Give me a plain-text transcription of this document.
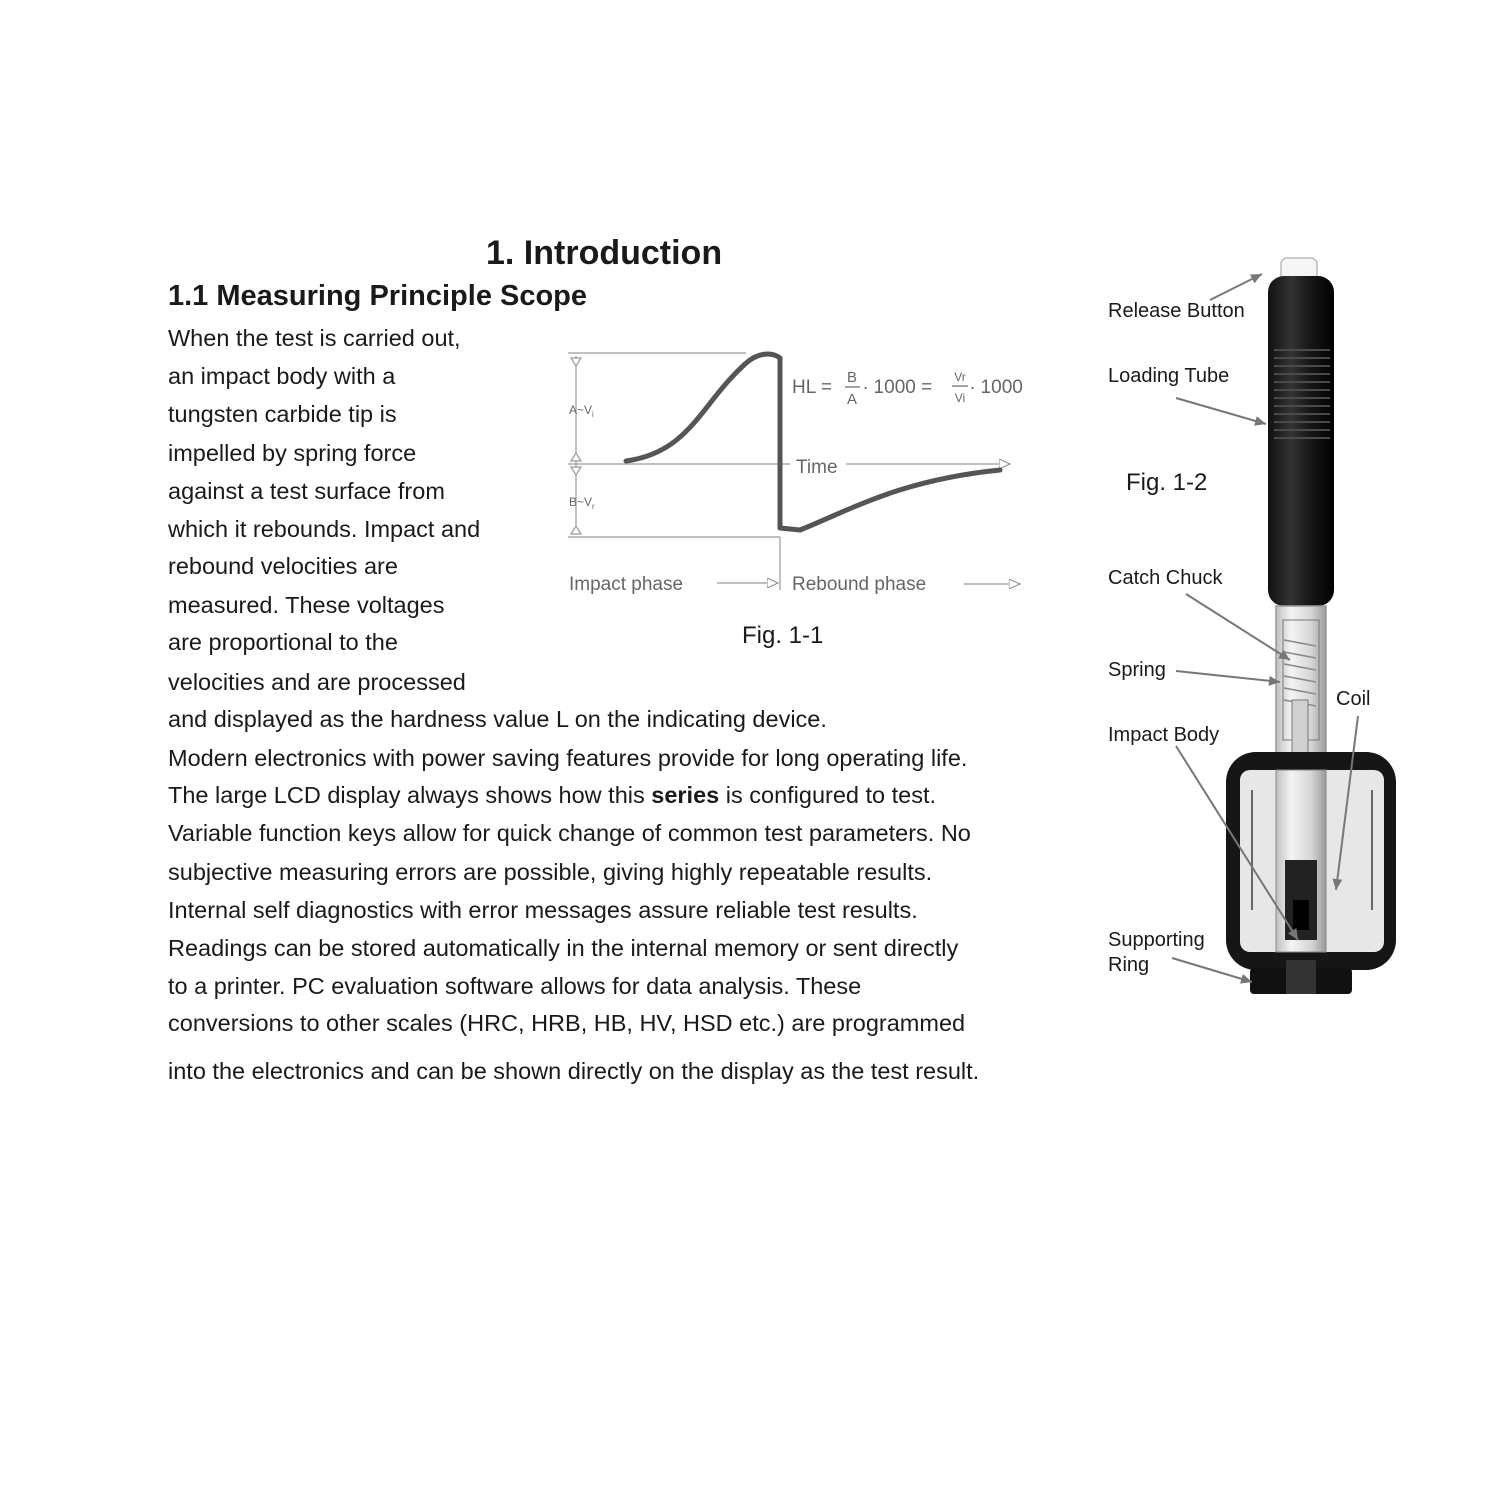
1. Introduction
1.1 Measuring Principle Scope
When the test is carried out,
an impact body with a
tungsten carbide tip is
impelled by spring force
against a test surface from
which it rebounds. Impact and
rebound velocities are
measured. These voltages
are proportional to the
velocities and are processed
and displayed as the hardness value L on the indicating device.
Modern electronics with power saving features provide for long operating life.
The large LCD display always shows how this series is configured to test.
Variable function keys allow for quick change of common test parameters. No
subjective measuring errors are possible, giving highly repeatable results.
Internal self diagnostics with error messages assure reliable test results.
Readings can be stored automatically in the internal memory or sent directly
to a printer. PC evaluation software allows for data analysis. These
conversions to other scales (HRC, HRB, HB, HV, HSD etc.) are programmed
into the electronics and can be shown directly on the display as the test result.
Time
$A\sim V_i$
$B\sim V_r$
HL = B
A
∙ 1000 = Vr
Vi ∙ 1000
Impact phase	Rebound phase
Fig. 1-1
Release Button
Loading Tube
Fig. 1-2
Catch Chuck
Spring
Coil
Impact Body
Supporting
Ring
